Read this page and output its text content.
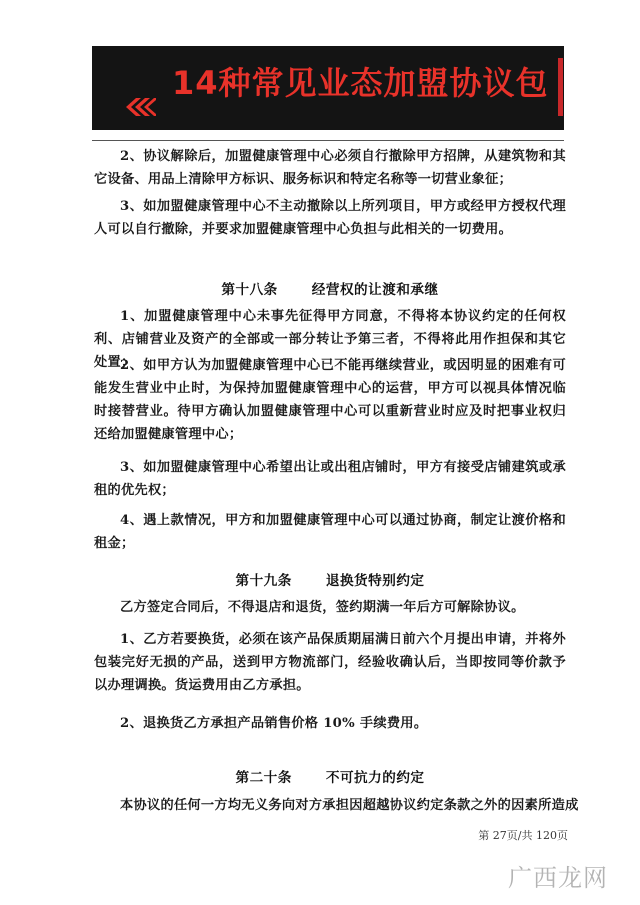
14种常见业态加盟协议包
2、协议解除后，加盟健康管理中心必须自行撤除甲方招牌，从建筑物和其它设备、用品上清除甲方标识、服务标识和特定名称等一切营业象征；
3、如加盟健康管理中心不主动撤除以上所列项目，甲方或经甲方授权代理人可以自行撤除，并要求加盟健康管理中心负担与此相关的一切费用。
第十八条	经营权的让渡和承继
1、加盟健康管理中心未事先征得甲方同意，不得将本协议约定的任何权利、店铺营业及资产的全部或一部分转让予第三者，不得将此用作担保和其它处置；
2、如甲方认为加盟健康管理中心已不能再继续营业，或因明显的困难有可能发生营业中止时，为保持加盟健康管理中心的运营，甲方可以视具体情况临时接替营业。待甲方确认加盟健康管理中心可以重新营业时应及时把事业权归还给加盟健康管理中心；
3、如加盟健康管理中心希望出让或出租店铺时，甲方有接受店铺建筑或承租的优先权；
4、遇上款情况，甲方和加盟健康管理中心可以通过协商，制定让渡价格和租金；
第十九条	退换货特别约定
乙方签定合同后，不得退店和退货，签约期满一年后方可解除协议。
1、乙方若要换货，必须在该产品保质期届满日前六个月提出申请，并将外包装完好无损的产品，送到甲方物流部门，经验收确认后，当即按同等价款予以办理调换。货运费用由乙方承担。
2、退换货乙方承担产品销售价格 10% 手续费用。
第二十条	不可抗力的约定
本协议的任何一方均无义务向对方承担因超越协议约定条款之外的因素所造成
第 27页/共 120页
广西龙网
